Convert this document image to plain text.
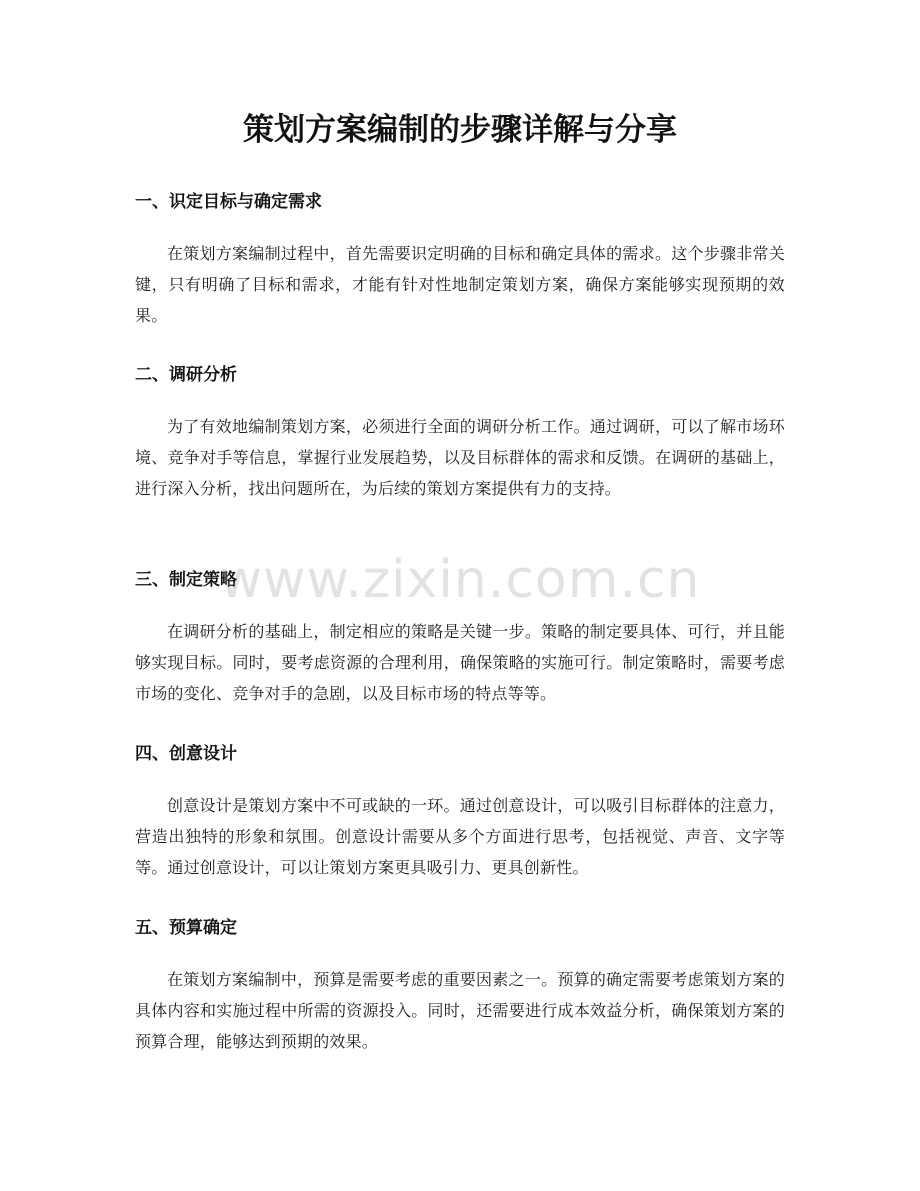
策划方案编制的步骤详解与分享
一、识定目标与确定需求

在策划方案编制过程中，首先需要识定明确的目标和确定具体的需求。这个步骤非常关键，只有明确了目标和需求，才能有针对性地制定策划方案，确保方案能够实现预期的效果。

二、调研分析

为了有效地编制策划方案，必须进行全面的调研分析工作。通过调研，可以了解市场环境、竞争对手等信息，掌握行业发展趋势，以及目标群体的需求和反馈。在调研的基础上，进行深入分析，找出问题所在，为后续的策划方案提供有力的支持。

三、制定策略

在调研分析的基础上，制定相应的策略是关键一步。策略的制定要具体、可行，并且能够实现目标。同时，要考虑资源的合理利用，确保策略的实施可行。制定策略时，需要考虑市场的变化、竞争对手的急剧，以及目标市场的特点等等。

四、创意设计

创意设计是策划方案中不可或缺的一环。通过创意设计，可以吸引目标群体的注意力，营造出独特的形象和氛围。创意设计需要从多个方面进行思考，包括视觉、声音、文字等等。通过创意设计，可以让策划方案更具吸引力、更具创新性。

五、预算确定

在策划方案编制中，预算是需要考虑的重要因素之一。预算的确定需要考虑策划方案的具体内容和实施过程中所需的资源投入。同时，还需要进行成本效益分析，确保策划方案的预算合理，能够达到预期的效果。

www.zixin.com.cn
